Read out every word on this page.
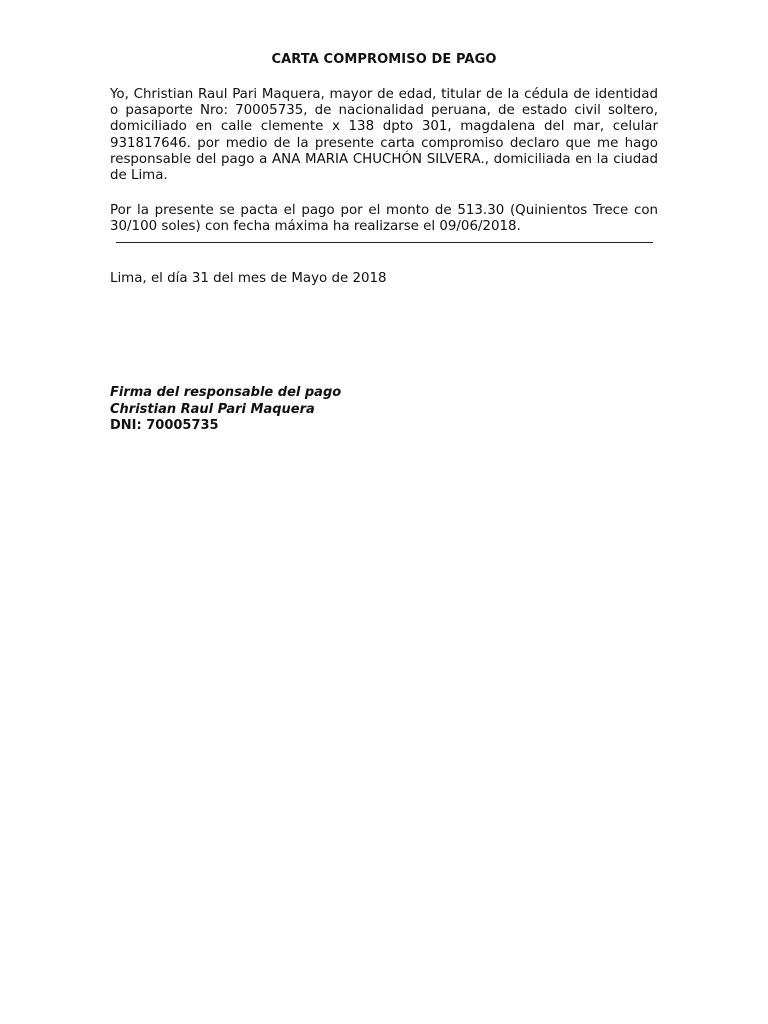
CARTA COMPROMISO DE PAGO

Yo, Christian Raul Pari Maquera, mayor de edad, titular de la cédula de identidad o pasaporte Nro: 70005735, de nacionalidad peruana, de estado civil soltero, domiciliado en calle clemente x 138 dpto 301, magdalena del mar, celular 931817646. por medio de la presente carta compromiso declaro que me hago responsable del pago a ANA MARIA CHUCHÓN SILVERA., domiciliada en la ciudad de Lima.

Por la presente se pacta el pago por el monto de 513.30 (Quinientos Trece con 30/100 soles) con fecha máxima ha realizarse el 09/06/2018.

Lima, el día 31 del mes de Mayo de 2018
Firma del responsable del pago
Christian Raul Pari Maquera
DNI: 70005735
